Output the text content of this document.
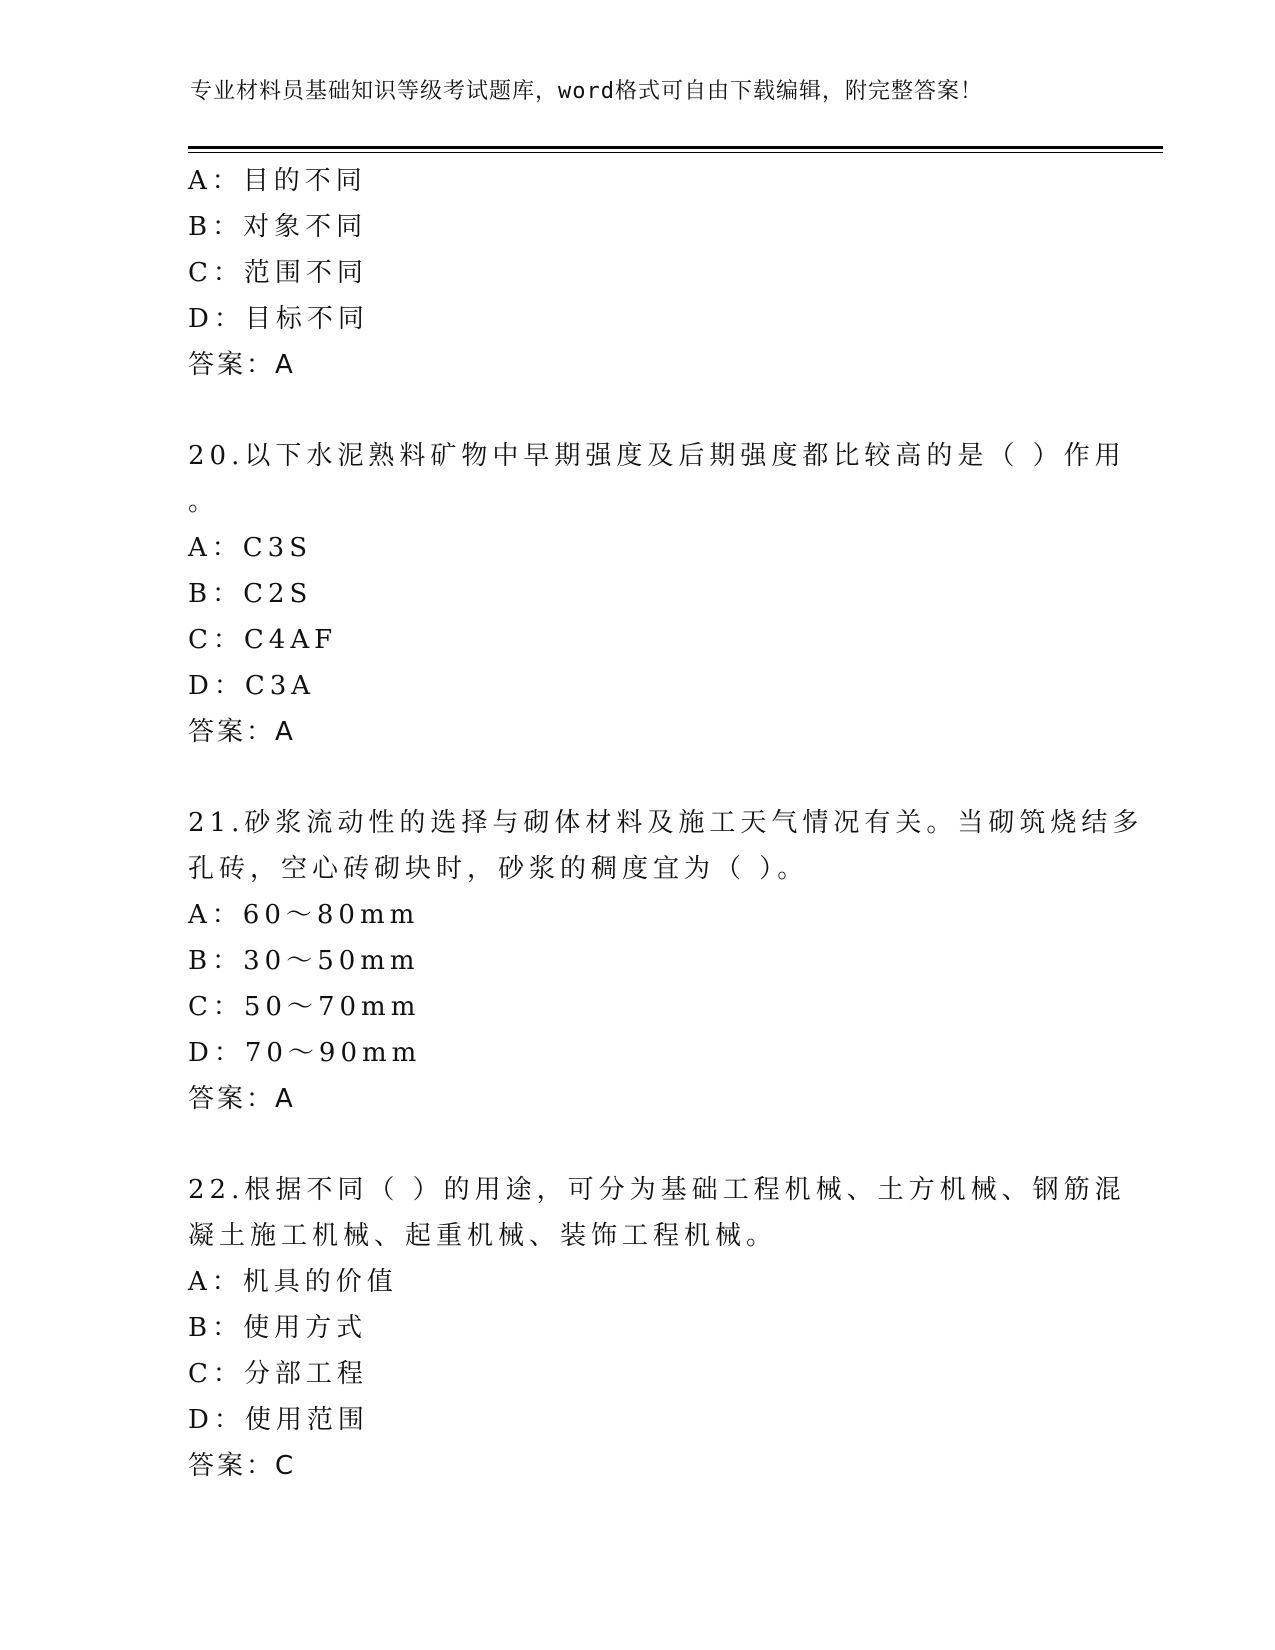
专业材料员基础知识等级考试题库，word格式可自由下载编辑，附完整答案！
A：目的不同
B：对象不同
C：范围不同
D：目标不同
答案：A
20.以下水泥熟料矿物中早期强度及后期强度都比较高的是（ ）作用
。
A：C3S
B：C2S
C：C4AF
D：C3A
答案：A
21.砂浆流动性的选择与砌体材料及施工天气情况有关。当砌筑烧结多
孔砖，空心砖砌块时，砂浆的稠度宜为（ ）。
A：60～80mm
B：30～50mm
C：50～70mm
D：70～90mm
答案：A
22.根据不同（ ）的用途，可分为基础工程机械、土方机械、钢筋混
凝土施工机械、起重机械、装饰工程机械。
A：机具的价值
B：使用方式
C：分部工程
D：使用范围
答案：C
